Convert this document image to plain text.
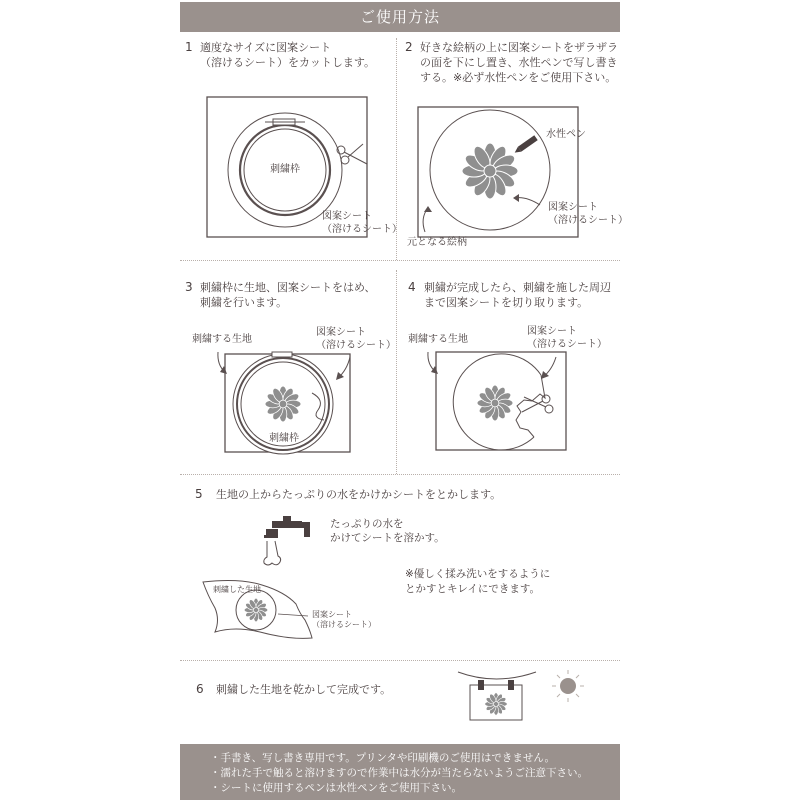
ご使用方法
1 適度なサイズに図案シート
（溶けるシート）をカットします。
刺繍枠
図案シート
（溶けるシート）
2 好きな絵柄の上に図案シートをザラザラ
の面を下にし置き、水性ペンで写し書き
する。※必ず水性ペンをご使用下さい。
水性ペン
図案シート
（溶けるシート）
元となる絵柄
3 刺繍枠に生地、図案シートをはめ、
刺繍を行います。
刺繍する生地
図案シート
（溶けるシート）
刺繍枠
4 刺繍が完成したら、刺繍を施した周辺
まで図案シートを切り取ります。
刺繍する生地
図案シート
（溶けるシート）
5 生地の上からたっぷりの水をかけかシートをとかします。
たっぷりの水を
かけてシートを溶かす。
刺繍した生地
図案シート
（溶けるシート）
※優しく揉み洗いをするように
とかすとキレイにできます。
6 刺繍した生地を乾かして完成です。
・手書き、写し書き専用です。プリンタや印刷機のご使用はできません。
・濡れた手で触ると溶けますので作業中は水分が当たらないようご注意下さい。
・シートに使用するペンは水性ペンをご使用下さい。
